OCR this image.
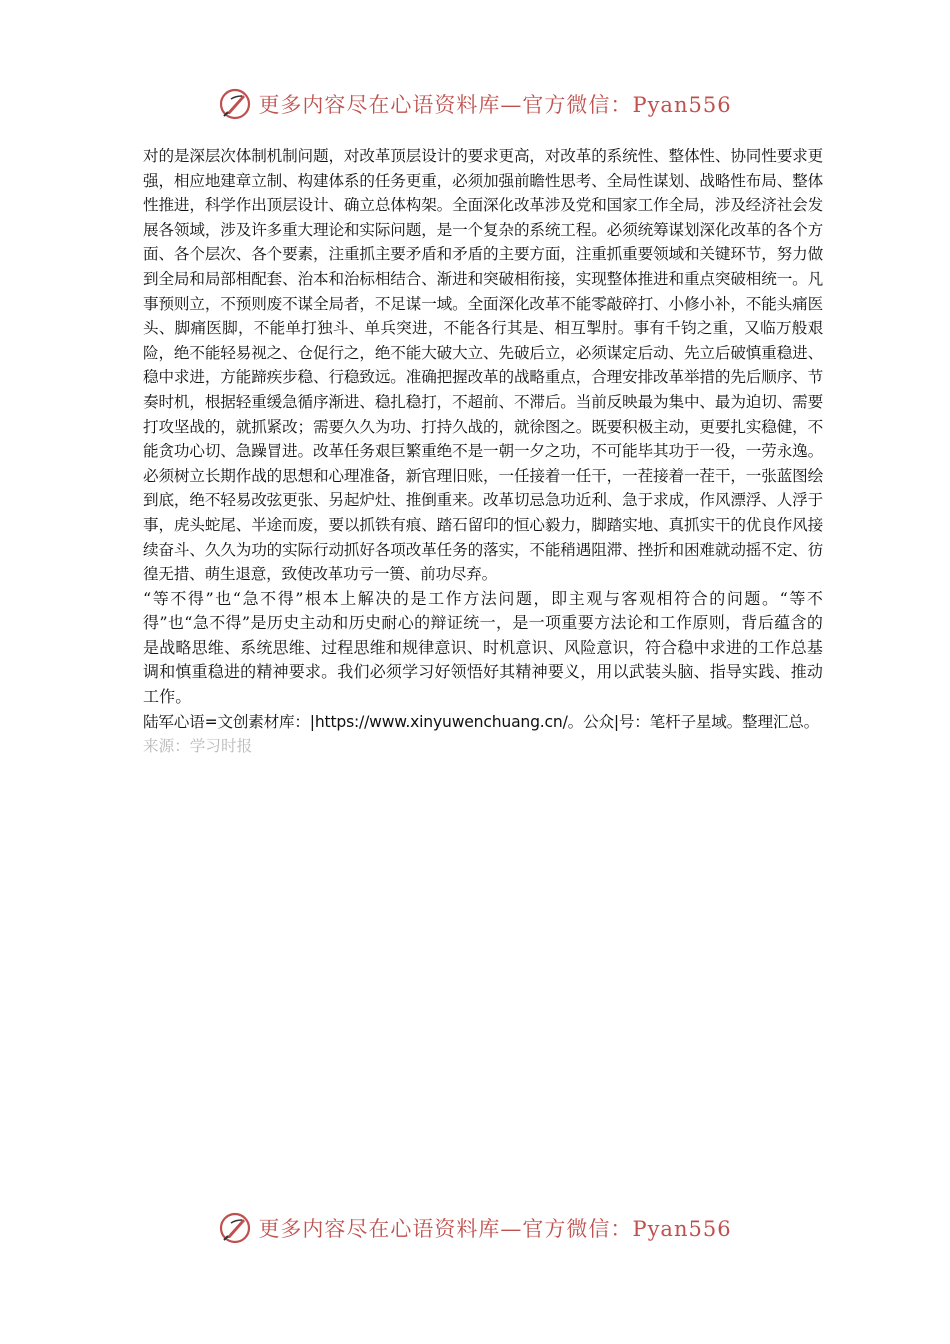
更多内容尽在心语资料库—官方微信：Pyan556

对的是深层次体制机制问题，对改革顶层设计的要求更高，对改革的系统性、整体性、协同性要求更强，相应地建章立制、构建体系的任务更重，必须加强前瞻性思考、全局性谋划、战略性布局、整体性推进，科学作出顶层设计、确立总体构架。全面深化改革涉及党和国家工作全局，涉及经济社会发展各领域，涉及许多重大理论和实际问题，是一个复杂的系统工程。必须统筹谋划深化改革的各个方面、各个层次、各个要素，注重抓主要矛盾和矛盾的主要方面，注重抓重要领域和关键环节，努力做到全局和局部相配套、治本和治标相结合、渐进和突破相衔接，实现整体推进和重点突破相统一。凡事预则立，不预则废不谋全局者，不足谋一域。全面深化改革不能零敲碎打、小修小补，不能头痛医头、脚痛医脚，不能单打独斗、单兵突进，不能各行其是、相互掣肘。事有千钧之重，又临万般艰险，绝不能轻易视之、仓促行之，绝不能大破大立、先破后立，必须谋定后动、先立后破慎重稳进、稳中求进，方能蹄疾步稳、行稳致远。准确把握改革的战略重点，合理安排改革举措的先后顺序、节奏时机，根据轻重缓急循序渐进、稳扎稳打，不超前、不滞后。当前反映最为集中、最为迫切、需要打攻坚战的，就抓紧改；需要久久为功、打持久战的，就徐图之。既要积极主动，更要扎实稳健，不能贪功心切、急躁冒进。改革任务艰巨繁重绝不是一朝一夕之功，不可能毕其功于一役，一劳永逸。必须树立长期作战的思想和心理准备，新官理旧账，一任接着一任干，一茬接着一茬干，一张蓝图绘到底，绝不轻易改弦更张、另起炉灶、推倒重来。改革切忌急功近利、急于求成，作风漂浮、人浮于事，虎头蛇尾、半途而废，要以抓铁有痕、踏石留印的恒心毅力，脚踏实地、真抓实干的优良作风接续奋斗、久久为功的实际行动抓好各项改革任务的落实，不能稍遇阻滞、挫折和困难就动摇不定、彷徨无措、萌生退意，致使改革功亏一篑、前功尽弃。

“等不得”也“急不得”根本上解决的是工作方法问题，即主观与客观相符合的问题。“等不得”也“急不得”是历史主动和历史耐心的辩证统一，是一项重要方法论和工作原则，背后蕴含的是战略思维、系统思维、过程思维和规律意识、时机意识、风险意识，符合稳中求进的工作总基调和慎重稳进的精神要求。我们必须学习好领悟好其精神要义，用以武装头脑、指导实践、推动工作。

陆军心语=文创素材库：|https://www.xinyuwenchuang.cn/。公众|号：笔杆子星域。整理汇总。

来源：学习时报

更多内容尽在心语资料库—官方微信：Pyan556
